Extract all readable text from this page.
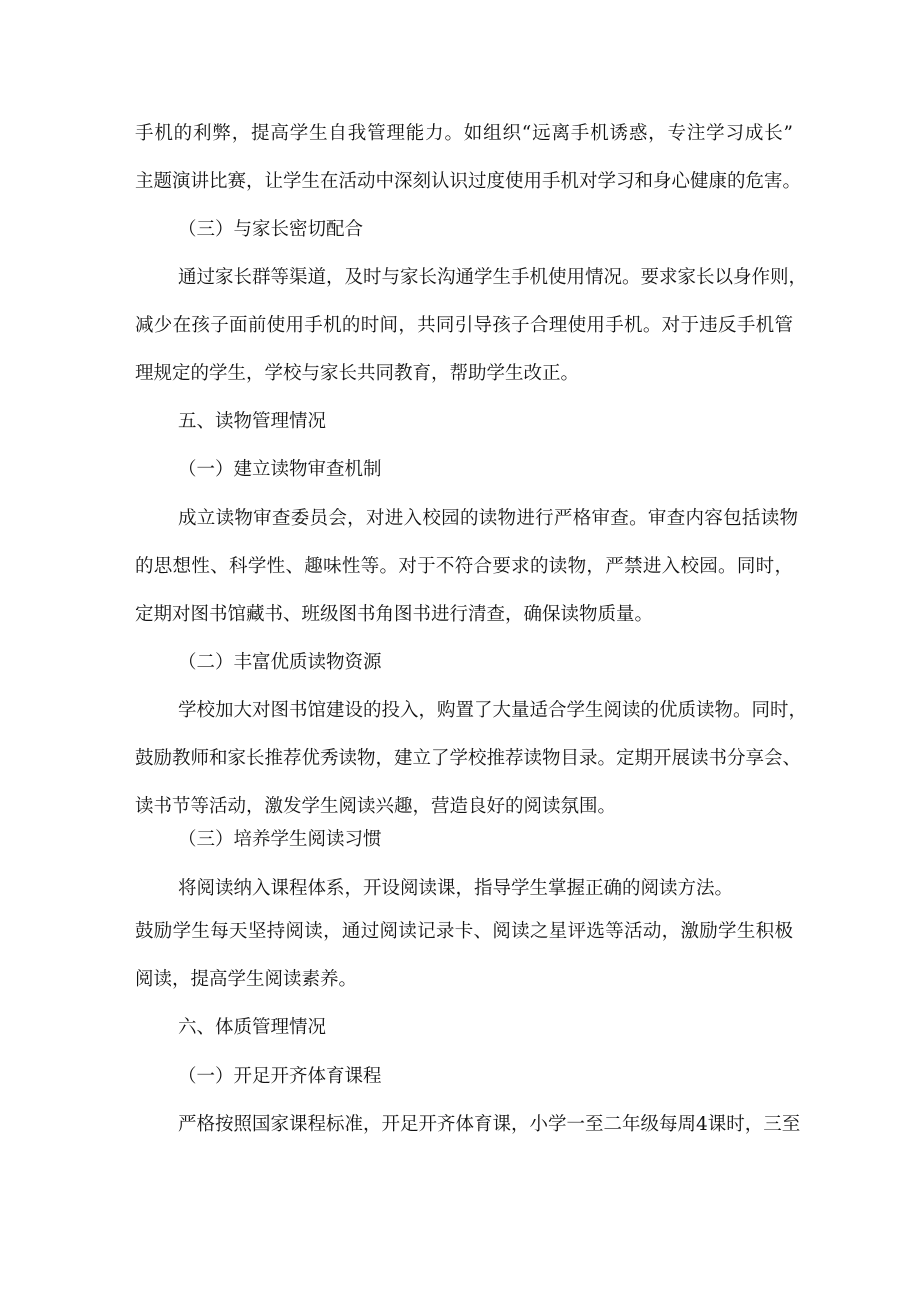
手机的利弊，提高学生自我管理能力。如组织“远离手机诱惑，专注学习成长”
主题演讲比赛，让学生在活动中深刻认识过度使用手机对学习和身心健康的危害。
（三）与家长密切配合
通过家长群等渠道，及时与家长沟通学生手机使用情况。要求家长以身作则，
减少在孩子面前使用手机的时间，共同引导孩子合理使用手机。对于违反手机管
理规定的学生，学校与家长共同教育，帮助学生改正。
五、读物管理情况
（一）建立读物审查机制
成立读物审查委员会，对进入校园的读物进行严格审查。审查内容包括读物
的思想性、科学性、趣味性等。对于不符合要求的读物，严禁进入校园。同时，
定期对图书馆藏书、班级图书角图书进行清查，确保读物质量。
（二）丰富优质读物资源
学校加大对图书馆建设的投入，购置了大量适合学生阅读的优质读物。同时，
鼓励教师和家长推荐优秀读物，建立了学校推荐读物目录。定期开展读书分享会、
读书节等活动，激发学生阅读兴趣，营造良好的阅读氛围。
（三）培养学生阅读习惯
将阅读纳入课程体系，开设阅读课，指导学生掌握正确的阅读方法。
鼓励学生每天坚持阅读，通过阅读记录卡、阅读之星评选等活动，激励学生积极
阅读，提高学生阅读素养。
六、体质管理情况
（一）开足开齐体育课程
严格按照国家课程标准，开足开齐体育课，小学一至二年级每周4课时，三至
